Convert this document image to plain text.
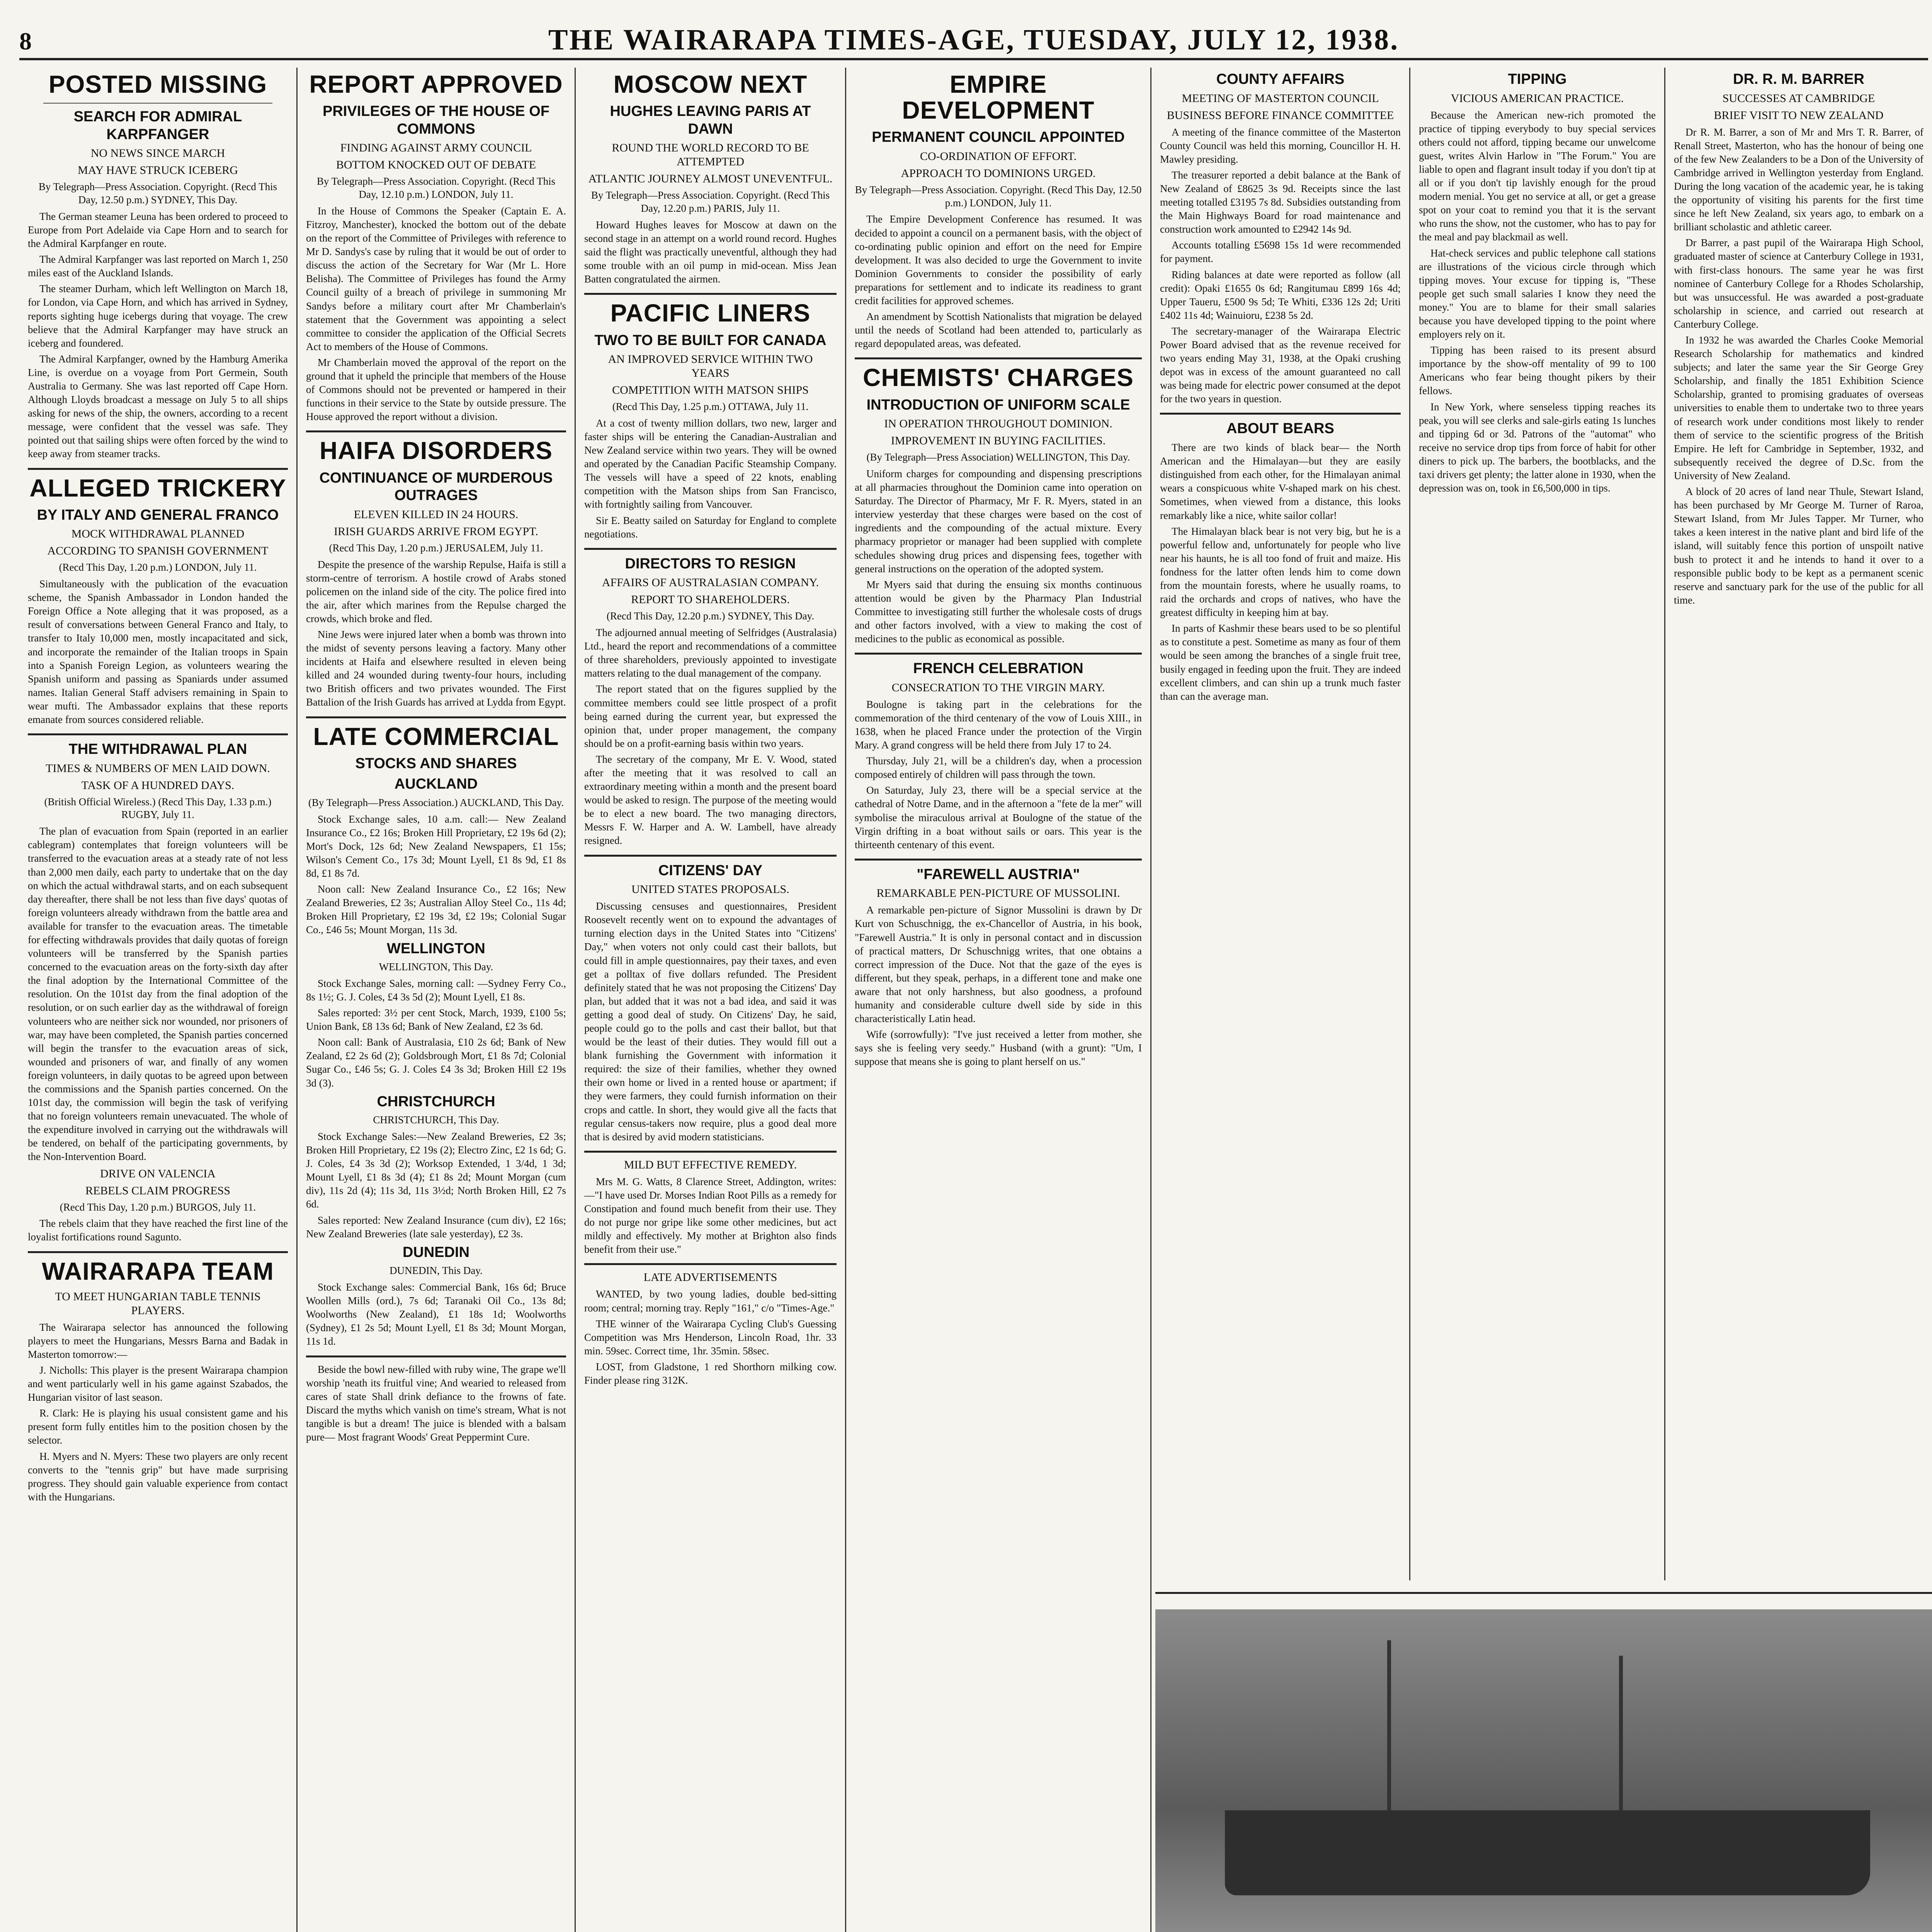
8	THE WAIRARAPA TIMES-AGE, TUESDAY, JULY 12, 1938.
POSTED MISSING
SEARCH FOR ADMIRAL KARPFANGER
NO NEWS SINCE MARCH
MAY HAVE STRUCK ICEBERG
By Telegraph—Press Association. Copyright. (Recd This Day, 12.50 p.m.) SYDNEY, This Day.

The German steamer Leuna has been ordered to proceed to Europe from Port Adelaide via Cape Horn and to search for the Admiral Karpfanger en route.

The Admiral Karpfanger was last reported on March 1, 250 miles east of the Auckland Islands.

The steamer Durham, which left Wellington on March 18, for London, via Cape Horn, and which has arrived in Sydney, reports sighting huge icebergs during that voyage. The crew believe that the Admiral Karpfanger may have struck an iceberg and foundered.

The Admiral Karpfanger, owned by the Hamburg Amerika Line, is overdue on a voyage from Port Germein, South Australia to Germany. She was last reported off Cape Horn. Although Lloyds broadcast a message on July 5 to all ships asking for news of the ship, the owners, according to a recent message, were confident that the vessel was safe. They pointed out that sailing ships were often forced by the wind to keep away from steamer tracks.

ALLEGED TRICKERY
BY ITALY AND GENERAL FRANCO
MOCK WITHDRAWAL PLANNED
ACCORDING TO SPANISH GOVERNMENT
(Recd This Day, 1.20 p.m.) LONDON, July 11.

Simultaneously with the publication of the evacuation scheme, the Spanish Ambassador in London handed the Foreign Office a Note alleging that it was proposed, as a result of conversations between General Franco and Italy, to transfer to Italy 10,000 men, mostly incapacitated and sick, and incorporate the remainder of the Italian troops in Spain into a Spanish Foreign Legion, as volunteers wearing the Spanish uniform and passing as Spaniards under assumed names. Italian General Staff advisers remaining in Spain to wear mufti. The Ambassador explains that these reports emanate from sources considered reliable.

THE WITHDRAWAL PLAN
TIMES & NUMBERS OF MEN LAID DOWN.
TASK OF A HUNDRED DAYS.
(British Official Wireless.) (Recd This Day, 1.33 p.m.) RUGBY, July 11.

The plan of evacuation from Spain (reported in an earlier cablegram) contemplates that foreign volunteers will be transferred to the evacuation areas at a steady rate of not less than 2,000 men daily, each party to undertake that on the day on which the actual withdrawal starts, and on each subsequent day thereafter, there shall be not less than five days' quotas of foreign volunteers already withdrawn from the battle area and available for transfer to the evacuation areas. The timetable for effecting withdrawals provides that daily quotas of foreign volunteers will be transferred by the Spanish parties concerned to the evacuation areas on the forty-sixth day after the final adoption by the International Committee of the resolution. On the 101st day from the final adoption of the resolution, or on such earlier day as the withdrawal of foreign volunteers who are neither sick nor wounded, nor prisoners of war, may have been completed, the Spanish parties concerned will begin the transfer to the evacuation areas of sick, wounded and prisoners of war, and finally of any women foreign volunteers, in daily quotas to be agreed upon between the commissions and the Spanish parties concerned. On the 101st day, the commission will begin the task of verifying that no foreign volunteers remain unevacuated. The whole of the expenditure involved in carrying out the withdrawals will be tendered, on behalf of the participating governments, by the Non-Intervention Board.

DRIVE ON VALENCIA
REBELS CLAIM PROGRESS
(Recd This Day, 1.20 p.m.) BURGOS, July 11.

The rebels claim that they have reached the first line of the loyalist fortifications round Sagunto.

WAIRARAPA TEAM
TO MEET HUNGARIAN TABLE TENNIS PLAYERS.

The Wairarapa selector has announced the following players to meet the Hungarians, Messrs Barna and Badak in Masterton tomorrow:—

J. Nicholls: This player is the present Wairarapa champion and went particularly well in his game against Szabados, the Hungarian visitor of last season.

R. Clark: He is playing his usual consistent game and his present form fully entitles him to the position chosen by the selector.

H. Myers and N. Myers: These two players are only recent converts to the "tennis grip" but have made surprising progress. They should gain valuable experience from contact with the Hungarians.

REPORT APPROVED
PRIVILEGES OF THE HOUSE OF COMMONS
FINDING AGAINST ARMY COUNCIL
BOTTOM KNOCKED OUT OF DEBATE
By Telegraph—Press Association. Copyright. (Recd This Day, 12.10 p.m.) LONDON, July 11.

In the House of Commons the Speaker (Captain E. A. Fitzroy, Manchester), knocked the bottom out of the debate on the report of the Committee of Privileges with reference to Mr D. Sandys's case by ruling that it would be out of order to discuss the action of the Secretary for War (Mr L. Hore Belisha). The Committee of Privileges has found the Army Council guilty of a breach of privilege in summoning Mr Sandys before a military court after Mr Chamberlain's statement that the Government was appointing a select committee to consider the application of the Official Secrets Act to members of the House of Commons.

Mr Chamberlain moved the approval of the report on the ground that it upheld the principle that members of the House of Commons should not be prevented or hampered in their functions in their service to the State by outside pressure. The House approved the report without a division.

HAIFA DISORDERS
CONTINUANCE OF MURDEROUS OUTRAGES
ELEVEN KILLED IN 24 HOURS.
IRISH GUARDS ARRIVE FROM EGYPT.
(Recd This Day, 1.20 p.m.) JERUSALEM, July 11.

Despite the presence of the warship Repulse, Haifa is still a storm-centre of terrorism. A hostile crowd of Arabs stoned policemen on the inland side of the city. The police fired into the air, after which marines from the Repulse charged the crowds, which broke and fled.

Nine Jews were injured later when a bomb was thrown into the midst of seventy persons leaving a factory. Many other incidents at Haifa and elsewhere resulted in eleven being killed and 24 wounded during twenty-four hours, including two British officers and two privates wounded. The First Battalion of the Irish Guards has arrived at Lydda from Egypt.

LATE COMMERCIAL
STOCKS AND SHARES
AUCKLAND
(By Telegraph—Press Association.) AUCKLAND, This Day.

Stock Exchange sales, 10 a.m. call:— New Zealand Insurance Co., £2 16s; Broken Hill Proprietary, £2 19s 6d (2); Mort's Dock, 12s 6d; New Zealand Newspapers, £1 15s; Wilson's Cement Co., 17s 3d; Mount Lyell, £1 8s 9d, £1 8s 8d, £1 8s 7d.

Noon call: New Zealand Insurance Co., £2 16s; New Zealand Breweries, £2 3s; Australian Alloy Steel Co., 11s 4d; Broken Hill Proprietary, £2 19s 3d, £2 19s; Colonial Sugar Co., £46 5s; Mount Morgan, 11s 3d.

WELLINGTON
WELLINGTON, This Day.

Stock Exchange Sales, morning call: —Sydney Ferry Co., 8s 1½; G. J. Coles, £4 3s 5d (2); Mount Lyell, £1 8s.

Sales reported: 3½ per cent Stock, March, 1939, £100 5s; Union Bank, £8 13s 6d; Bank of New Zealand, £2 3s 6d.

Noon call: Bank of Australasia, £10 2s 6d; Bank of New Zealand, £2 2s 6d (2); Goldsbrough Mort, £1 8s 7d; Colonial Sugar Co., £46 5s; G. J. Coles £4 3s 3d; Broken Hill £2 19s 3d (3).

CHRISTCHURCH
CHRISTCHURCH, This Day.

Stock Exchange Sales:—New Zealand Breweries, £2 3s; Broken Hill Proprietary, £2 19s (2); Electro Zinc, £2 1s 6d; G. J. Coles, £4 3s 3d (2); Worksop Extended, 1 3/4d, 1 3d; Mount Lyell, £1 8s 3d (4); £1 8s 2d; Mount Morgan (cum div), 11s 2d (4); 11s 3d, 11s 3½d; North Broken Hill, £2 7s 6d.

Sales reported: New Zealand Insurance (cum div), £2 16s; New Zealand Breweries (late sale yesterday), £2 3s.

DUNEDIN
DUNEDIN, This Day.

Stock Exchange sales: Commercial Bank, 16s 6d; Bruce Woollen Mills (ord.), 7s 6d; Taranaki Oil Co., 13s 8d; Woolworths (New Zealand), £1 18s 1d; Woolworths (Sydney), £1 2s 5d; Mount Lyell, £1 8s 3d; Mount Morgan, 11s 1d.

Beside the bowl new-filled with ruby wine, The grape we'll worship 'neath its fruitful vine; And wearied to released from cares of state Shall drink defiance to the frowns of fate. Discard the myths which vanish on time's stream, What is not tangible is but a dream! The juice is blended with a balsam pure— Most fragrant Woods' Great Peppermint Cure.

MOSCOW NEXT
HUGHES LEAVING PARIS AT DAWN
ROUND THE WORLD RECORD TO BE ATTEMPTED
ATLANTIC JOURNEY ALMOST UNEVENTFUL.
By Telegraph—Press Association. Copyright. (Recd This Day, 12.20 p.m.) PARIS, July 11.

Howard Hughes leaves for Moscow at dawn on the second stage in an attempt on a world round record. Hughes said the flight was practically uneventful, although they had some trouble with an oil pump in mid-ocean. Miss Jean Batten congratulated the airmen.

PACIFIC LINERS
TWO TO BE BUILT FOR CANADA
AN IMPROVED SERVICE WITHIN TWO YEARS
COMPETITION WITH MATSON SHIPS
(Recd This Day, 1.25 p.m.) OTTAWA, July 11.

At a cost of twenty million dollars, two new, larger and faster ships will be entering the Canadian-Australian and New Zealand service within two years. They will be owned and operated by the Canadian Pacific Steamship Company. The vessels will have a speed of 22 knots, enabling competition with the Matson ships from San Francisco, with fortnightly sailing from Vancouver.

Sir E. Beatty sailed on Saturday for England to complete negotiations.

DIRECTORS TO RESIGN
AFFAIRS OF AUSTRALASIAN COMPANY.
REPORT TO SHAREHOLDERS.
(Recd This Day, 12.20 p.m.) SYDNEY, This Day.

The adjourned annual meeting of Selfridges (Australasia) Ltd., heard the report and recommendations of a committee of three shareholders, previously appointed to investigate matters relating to the dual management of the company.

The report stated that on the figures supplied by the committee members could see little prospect of a profit being earned during the current year, but expressed the opinion that, under proper management, the company should be on a profit-earning basis within two years.

The secretary of the company, Mr E. V. Wood, stated after the meeting that it was resolved to call an extraordinary meeting within a month and the present board would be asked to resign. The purpose of the meeting would be to elect a new board. The two managing directors, Messrs F. W. Harper and A. W. Lambell, have already resigned.

CITIZENS' DAY
UNITED STATES PROPOSALS.

Discussing censuses and questionnaires, President Roosevelt recently went on to expound the advantages of turning election days in the United States into "Citizens' Day," when voters not only could cast their ballots, but could fill in ample questionnaires, pay their taxes, and even get a polltax of five dollars refunded. The President definitely stated that he was not proposing the Citizens' Day plan, but added that it was not a bad idea, and said it was getting a good deal of study. On Citizens' Day, he said, people could go to the polls and cast their ballot, but that would be the least of their duties. They would fill out a blank furnishing the Government with information it required: the size of their families, whether they owned their own home or lived in a rented house or apartment; if they were farmers, they could furnish information on their crops and cattle. In short, they would give all the facts that regular census-takers now require, plus a good deal more that is desired by avid modern statisticians.

MILD BUT EFFECTIVE REMEDY.

Mrs M. G. Watts, 8 Clarence Street, Addington, writes:—"I have used Dr. Morses Indian Root Pills as a remedy for Constipation and found much benefit from their use. They do not purge nor gripe like some other medicines, but act mildly and effectively. My mother at Brighton also finds benefit from their use."

LATE ADVERTISEMENTS

WANTED, by two young ladies, double bed-sitting room; central; morning tray. Reply "161," c/o "Times-Age."

THE winner of the Wairarapa Cycling Club's Guessing Competition was Mrs Henderson, Lincoln Road, 1hr. 33 min. 59sec. Correct time, 1hr. 35min. 58sec.

LOST, from Gladstone, 1 red Shorthorn milking cow. Finder please ring 312K.

EMPIRE DEVELOPMENT
PERMANENT COUNCIL APPOINTED
CO-ORDINATION OF EFFORT.
APPROACH TO DOMINIONS URGED.
By Telegraph—Press Association. Copyright. (Recd This Day, 12.50 p.m.) LONDON, July 11.

The Empire Development Conference has resumed. It was decided to appoint a council on a permanent basis, with the object of co-ordinating public opinion and effort on the need for Empire development. It was also decided to urge the Government to invite Dominion Governments to consider the possibility of early preparations for settlement and to indicate its readiness to grant credit facilities for approved schemes.

An amendment by Scottish Nationalists that migration be delayed until the needs of Scotland had been attended to, particularly as regard depopulated areas, was defeated.

CHEMISTS' CHARGES
INTRODUCTION OF UNIFORM SCALE
IN OPERATION THROUGHOUT DOMINION.
IMPROVEMENT IN BUYING FACILITIES.
(By Telegraph—Press Association) WELLINGTON, This Day.

Uniform charges for compounding and dispensing prescriptions at all pharmacies throughout the Dominion came into operation on Saturday. The Director of Pharmacy, Mr F. R. Myers, stated in an interview yesterday that these charges were based on the cost of ingredients and the compounding of the actual mixture. Every pharmacy proprietor or manager had been supplied with complete schedules showing drug prices and dispensing fees, together with general instructions on the operation of the adopted system.

Mr Myers said that during the ensuing six months continuous attention would be given by the Pharmacy Plan Industrial Committee to investigating still further the wholesale costs of drugs and other factors involved, with a view to making the cost of medicines to the public as economical as possible.

FRENCH CELEBRATION
CONSECRATION TO THE VIRGIN MARY.

Boulogne is taking part in the celebrations for the commemoration of the third centenary of the vow of Louis XIII., in 1638, when he placed France under the protection of the Virgin Mary. A grand congress will be held there from July 17 to 24.

Thursday, July 21, will be a children's day, when a procession composed entirely of children will pass through the town.

On Saturday, July 23, there will be a special service at the cathedral of Notre Dame, and in the afternoon a "fete de la mer" will symbolise the miraculous arrival at Boulogne of the statue of the Virgin drifting in a boat without sails or oars. This year is the thirteenth centenary of this event.

"FAREWELL AUSTRIA"
REMARKABLE PEN-PICTURE OF MUSSOLINI.

A remarkable pen-picture of Signor Mussolini is drawn by Dr Kurt von Schuschnigg, the ex-Chancellor of Austria, in his book, "Farewell Austria." It is only in personal contact and in discussion of practical matters, Dr Schuschnigg writes, that one obtains a correct impression of the Duce. Not that the gaze of the eyes is different, but they speak, perhaps, in a different tone and make one aware that not only harshness, but also goodness, a profound humanity and considerable culture dwell side by side in this characteristically Latin head.

Wife (sorrowfully): "I've just received a letter from mother, she says she is feeling very seedy." Husband (with a grunt): "Um, I suppose that means she is going to plant herself on us."

COUNTY AFFAIRS
MEETING OF MASTERTON COUNCIL
BUSINESS BEFORE FINANCE COMMITTEE

A meeting of the finance committee of the Masterton County Council was held this morning, Councillor H. H. Mawley presiding.

The treasurer reported a debit balance at the Bank of New Zealand of £8625 3s 9d. Receipts since the last meeting totalled £3195 7s 8d. Subsidies outstanding from the Main Highways Board for road maintenance and construction work amounted to £2942 14s 9d.

Accounts totalling £5698 15s 1d were recommended for payment.

Riding balances at date were reported as follow (all credit): Opaki £1655 0s 6d; Rangitumau £899 16s 4d; Upper Taueru, £500 9s 5d; Te Whiti, £336 12s 2d; Uriti £402 11s 4d; Wainuioru, £238 5s 2d.

The secretary-manager of the Wairarapa Electric Power Board advised that as the revenue received for two years ending May 31, 1938, at the Opaki crushing depot was in excess of the amount guaranteed no call was being made for electric power consumed at the depot for the two years in question.

ABOUT BEARS

There are two kinds of black bear— the North American and the Himalayan—but they are easily distinguished from each other, for the Himalayan animal wears a conspicuous white V-shaped mark on his chest. Sometimes, when viewed from a distance, this looks remarkably like a nice, white sailor collar!

The Himalayan black bear is not very big, but he is a powerful fellow and, unfortunately for people who live near his haunts, he is all too fond of fruit and maize. His fondness for the latter often lends him to come down from the mountain forests, where he usually roams, to raid the orchards and crops of natives, who have the greatest difficulty in keeping him at bay.

In parts of Kashmir these bears used to be so plentiful as to constitute a pest. Sometime as many as four of them would be seen among the branches of a single fruit tree, busily engaged in feeding upon the fruit. They are indeed excellent climbers, and can shin up a trunk much faster than can the average man.

TIPPING
VICIOUS AMERICAN PRACTICE.

Because the American new-rich promoted the practice of tipping everybody to buy special services others could not afford, tipping became our unwelcome guest, writes Alvin Harlow in "The Forum." You are liable to open and flagrant insult today if you don't tip at all or if you don't tip lavishly enough for the proud modern menial. You get no service at all, or get a grease spot on your coat to remind you that it is the servant who runs the show, not the customer, who has to pay for the meal and pay blackmail as well.

Hat-check services and public telephone call stations are illustrations of the vicious circle through which tipping moves. Your excuse for tipping is, "These people get such small salaries I know they need the money." You are to blame for their small salaries because you have developed tipping to the point where employers rely on it.

Tipping has been raised to its present absurd importance by the show-off mentality of 99 to 100 Americans who fear being thought pikers by their fellows.

In New York, where senseless tipping reaches its peak, you will see clerks and sale-girls eating 1s lunches and tipping 6d or 3d. Patrons of the "automat" who receive no service drop tips from force of habit for other diners to pick up. The barbers, the bootblacks, and the taxi drivers get plenty; the latter alone in 1930, when the depression was on, took in £6,500,000 in tips.

DR. R. M. BARRER
SUCCESSES AT CAMBRIDGE
BRIEF VISIT TO NEW ZEALAND

Dr R. M. Barrer, a son of Mr and Mrs T. R. Barrer, of Renall Street, Masterton, who has the honour of being one of the few New Zealanders to be a Don of the University of Cambridge arrived in Wellington yesterday from England. During the long vacation of the academic year, he is taking the opportunity of visiting his parents for the first time since he left New Zealand, six years ago, to embark on a brilliant scholastic and athletic career.

Dr Barrer, a past pupil of the Wairarapa High School, graduated master of science at Canterbury College in 1931, with first-class honours. The same year he was first nominee of Canterbury College for a Rhodes Scholarship, but was unsuccessful. He was awarded a post-graduate scholarship in science, and carried out research at Canterbury College.

In 1932 he was awarded the Charles Cooke Memorial Research Scholarship for mathematics and kindred subjects; and later the same year the Sir George Grey Scholarship, and finally the 1851 Exhibition Science Scholarship, granted to promising graduates of overseas universities to enable them to undertake two to three years of research work under conditions most likely to render them of service to the scientific progress of the British Empire. He left for Cambridge in September, 1932, and subsequently received the degree of D.Sc. from the University of New Zealand.

A block of 20 acres of land near Thule, Stewart Island, has been purchased by Mr George M. Turner of Raroa, Stewart Island, from Mr Jules Tapper. Mr Turner, who takes a keen interest in the native plant and bird life of the island, will suitably fence this portion of unspoilt native bush to protect it and he intends to hand it over to a responsible public body to be kept as a permanent scenic reserve and sanctuary park for the use of the public for all time.
